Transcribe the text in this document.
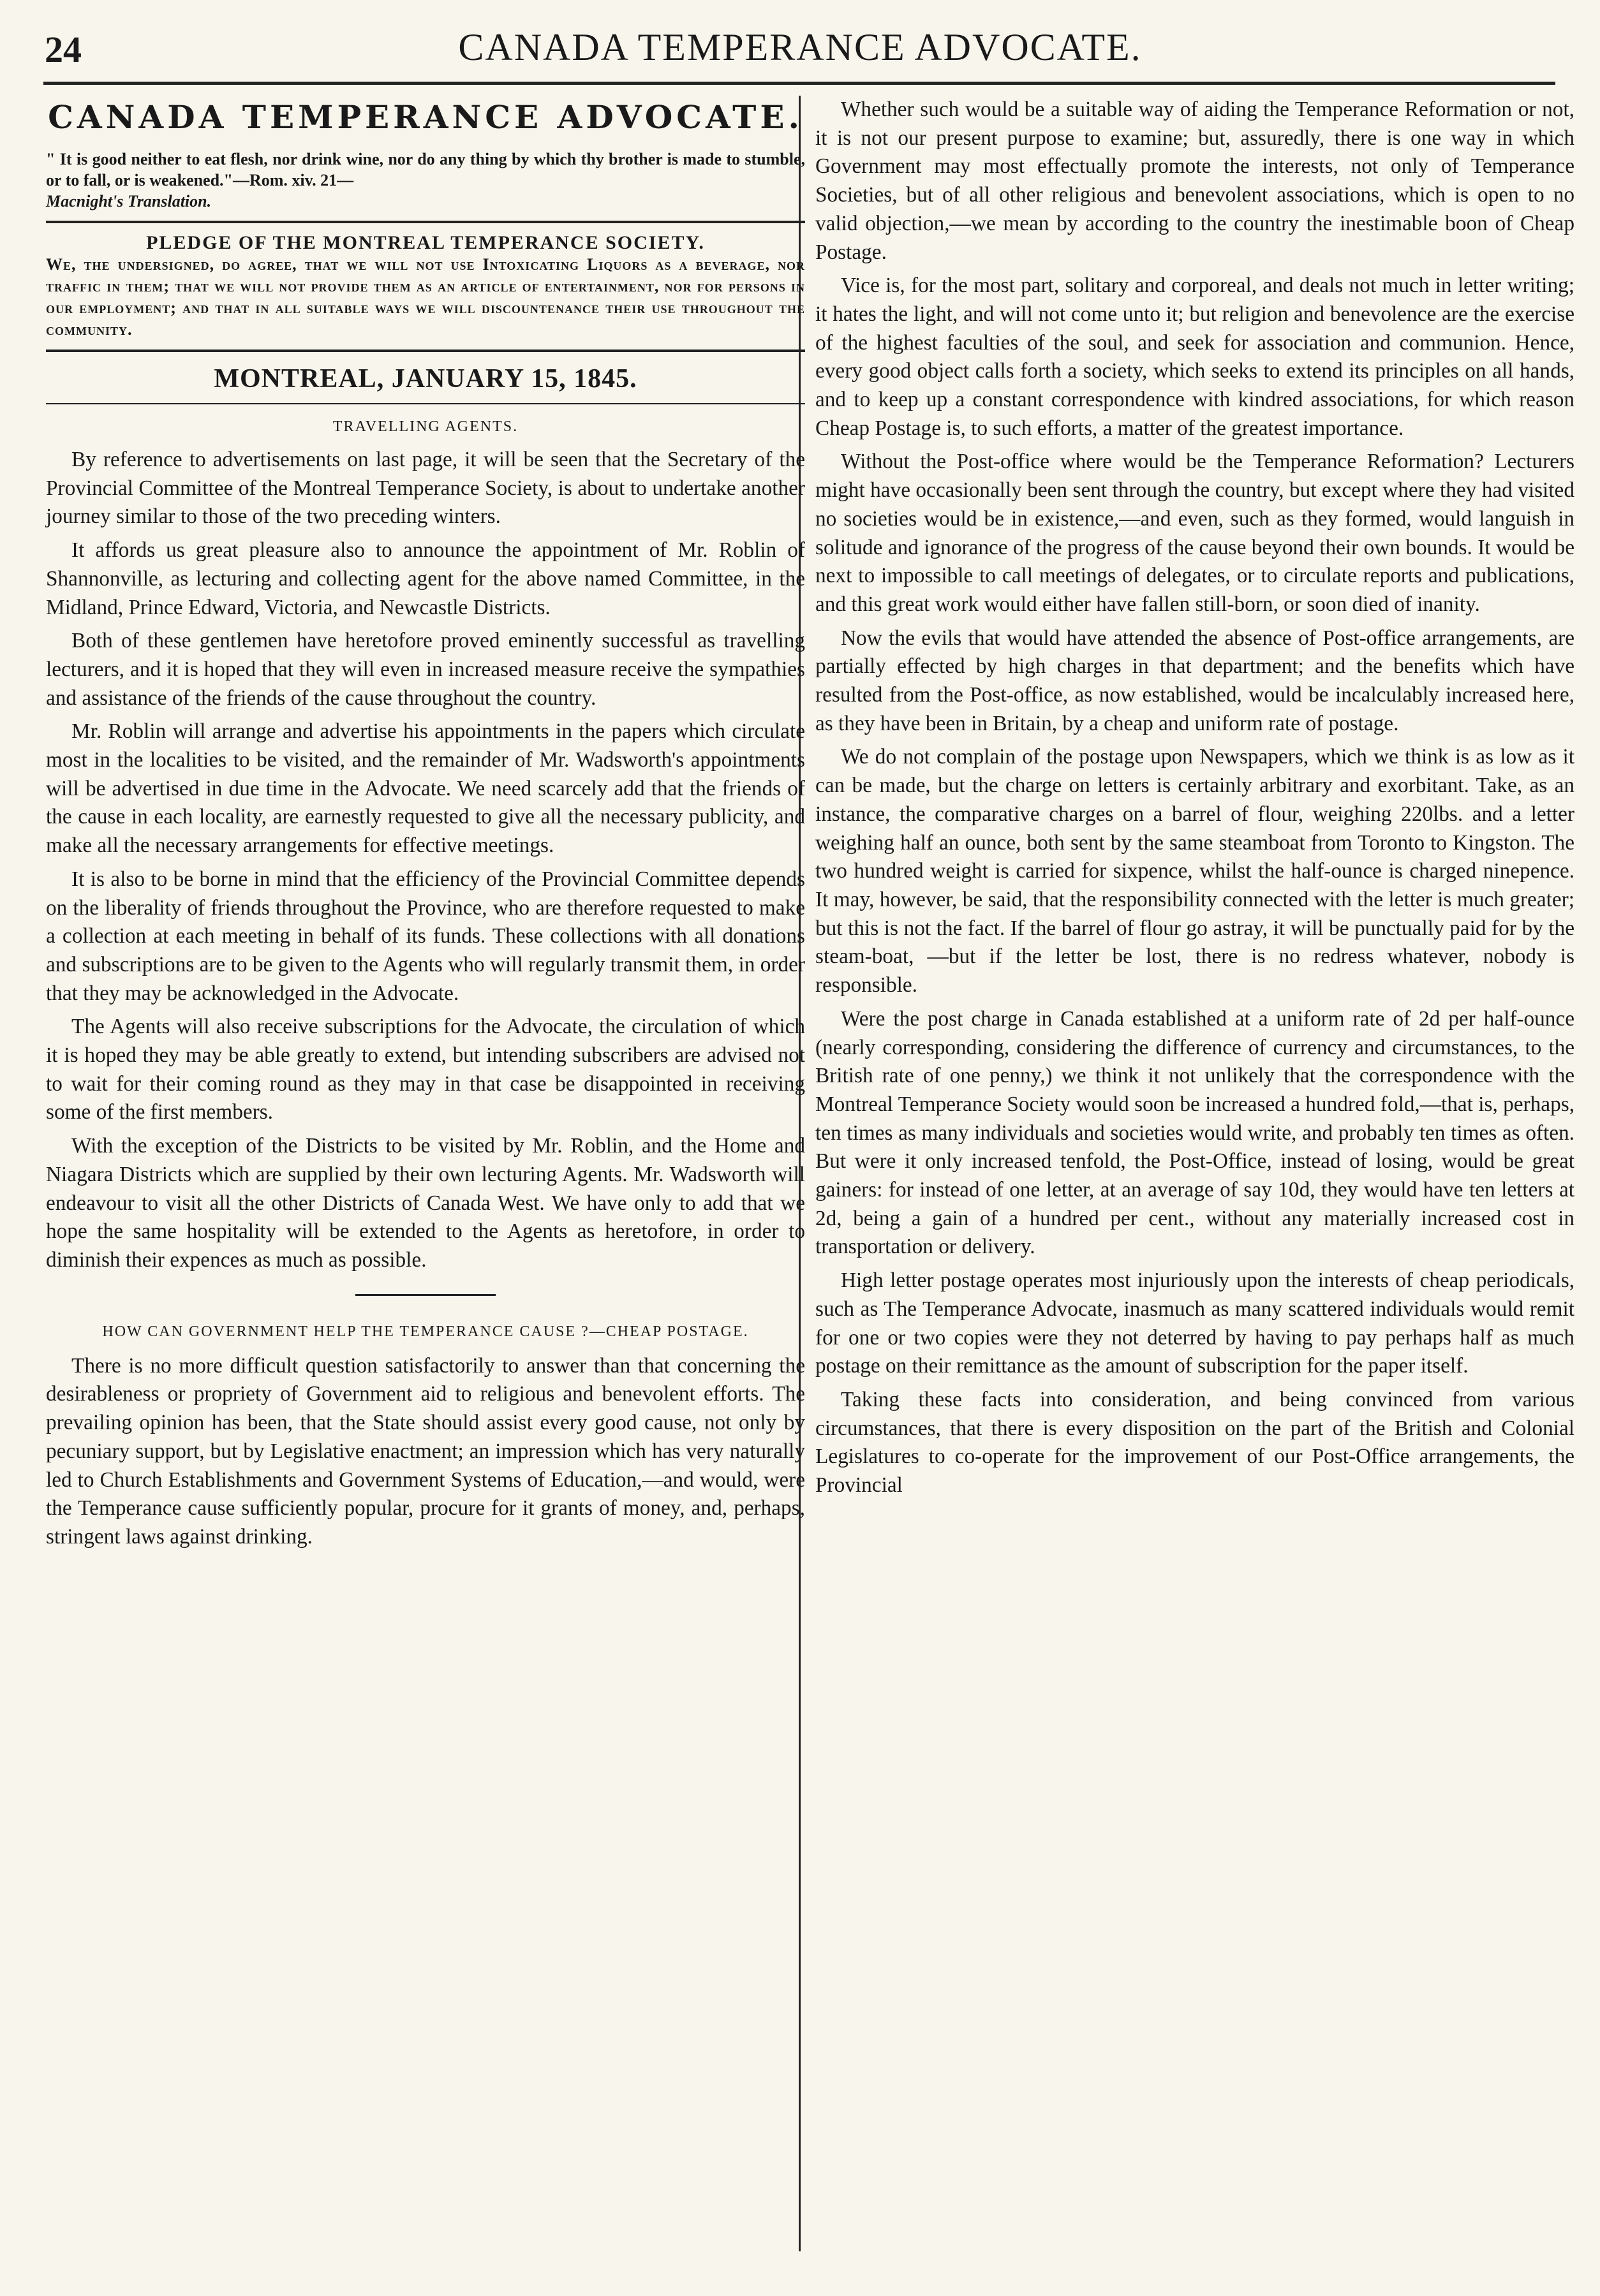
24	CANADA TEMPERANCE ADVOCATE.
CANADA TEMPERANCE ADVOCATE.
" It is good neither to eat flesh, nor drink wine, nor do any thing by which thy brother is made to stumble, or to fall, or is weakened."—Rom. xiv. 21—
Macnight's Translation.
PLEDGE OF THE MONTREAL TEMPERANCE SOCIETY.
We, the undersigned, do agree, that we will not use Intoxicating Liquors as a beverage, nor traffic in them; that we will not provide them as an article of entertainment, nor for persons in our employment; and that in all suitable ways we will discountenance their use throughout the community.
MONTREAL, JANUARY 15, 1845.
TRAVELLING AGENTS.

By reference to advertisements on last page, it will be seen that the Secretary of the Provincial Committee of the Montreal Temperance Society, is about to undertake another journey similar to those of the two preceding winters.

It affords us great pleasure also to announce the appointment of Mr. Roblin of Shannonville, as lecturing and collecting agent for the above named Committee, in the Midland, Prince Edward, Victoria, and Newcastle Districts.

Both of these gentlemen have heretofore proved eminently successful as travelling lecturers, and it is hoped that they will even in increased measure receive the sympathies and assistance of the friends of the cause throughout the country.

Mr. Roblin will arrange and advertise his appointments in the papers which circulate most in the localities to be visited, and the remainder of Mr. Wadsworth's appointments will be advertised in due time in the Advocate. We need scarcely add that the friends of the cause in each locality, are earnestly requested to give all the necessary publicity, and make all the necessary arrangements for effective meetings.

It is also to be borne in mind that the efficiency of the Provincial Committee depends on the liberality of friends throughout the Province, who are therefore requested to make a collection at each meeting in behalf of its funds. These collections with all donations and subscriptions are to be given to the Agents who will regularly transmit them, in order that they may be acknowledged in the Advocate.

The Agents will also receive subscriptions for the Advocate, the circulation of which it is hoped they may be able greatly to extend, but intending subscribers are advised not to wait for their coming round as they may in that case be disappointed in receiving some of the first members.

With the exception of the Districts to be visited by Mr. Roblin, and the Home and Niagara Districts which are supplied by their own lecturing Agents. Mr. Wadsworth will endeavour to visit all the other Districts of Canada West. We have only to add that we hope the same hospitality will be extended to the Agents as heretofore, in order to diminish their expences as much as possible.

HOW CAN GOVERNMENT HELP THE TEMPERANCE CAUSE ?—CHEAP POSTAGE.

There is no more difficult question satisfactorily to answer than that concerning the desirableness or propriety of Government aid to religious and benevolent efforts. The prevailing opinion has been, that the State should assist every good cause, not only by pecuniary support, but by Legislative enactment; an impression which has very naturally led to Church Establishments and Government Systems of Education,—and would, were the Temperance cause sufficiently popular, procure for it grants of money, and, perhaps, stringent laws against drinking.

Whether such would be a suitable way of aiding the Temperance Reformation or not, it is not our present purpose to examine; but, assuredly, there is one way in which Government may most effectually promote the interests, not only of Temperance Societies, but of all other religious and benevolent associations, which is open to no valid objection,—we mean by according to the country the inestimable boon of Cheap Postage.

Vice is, for the most part, solitary and corporeal, and deals not much in letter writing; it hates the light, and will not come unto it; but religion and benevolence are the exercise of the highest faculties of the soul, and seek for association and communion. Hence, every good object calls forth a society, which seeks to extend its principles on all hands, and to keep up a constant correspondence with kindred associations, for which reason Cheap Postage is, to such efforts, a matter of the greatest importance.

Without the Post-office where would be the Temperance Reformation? Lecturers might have occasionally been sent through the country, but except where they had visited no societies would be in existence,—and even, such as they formed, would languish in solitude and ignorance of the progress of the cause beyond their own bounds. It would be next to impossible to call meetings of delegates, or to circulate reports and publications, and this great work would either have fallen still-born, or soon died of inanity.

Now the evils that would have attended the absence of Post-office arrangements, are partially effected by high charges in that department; and the benefits which have resulted from the Post-office, as now established, would be incalculably increased here, as they have been in Britain, by a cheap and uniform rate of postage.

We do not complain of the postage upon Newspapers, which we think is as low as it can be made, but the charge on letters is certainly arbitrary and exorbitant. Take, as an instance, the comparative charges on a barrel of flour, weighing 220lbs. and a letter weighing half an ounce, both sent by the same steamboat from Toronto to Kingston. The two hundred weight is carried for sixpence, whilst the half-ounce is charged ninepence. It may, however, be said, that the responsibility connected with the letter is much greater; but this is not the fact. If the barrel of flour go astray, it will be punctually paid for by the steam-boat, —but if the letter be lost, there is no redress whatever, nobody is responsible.

Were the post charge in Canada established at a uniform rate of 2d per half-ounce (nearly corresponding, considering the difference of currency and circumstances, to the British rate of one penny,) we think it not unlikely that the correspondence with the Montreal Temperance Society would soon be increased a hundred fold,—that is, perhaps, ten times as many individuals and societies would write, and probably ten times as often. But were it only increased tenfold, the Post-Office, instead of losing, would be great gainers: for instead of one letter, at an average of say 10d, they would have ten letters at 2d, being a gain of a hundred per cent., without any materially increased cost in transportation or delivery.

High letter postage operates most injuriously upon the interests of cheap periodicals, such as The Temperance Advocate, inasmuch as many scattered individuals would remit for one or two copies were they not deterred by having to pay perhaps half as much postage on their remittance as the amount of subscription for the paper itself.

Taking these facts into consideration, and being convinced from various circumstances, that there is every disposition on the part of the British and Colonial Legislatures to co-operate for the improvement of our Post-Office arrangements, the Provincial
